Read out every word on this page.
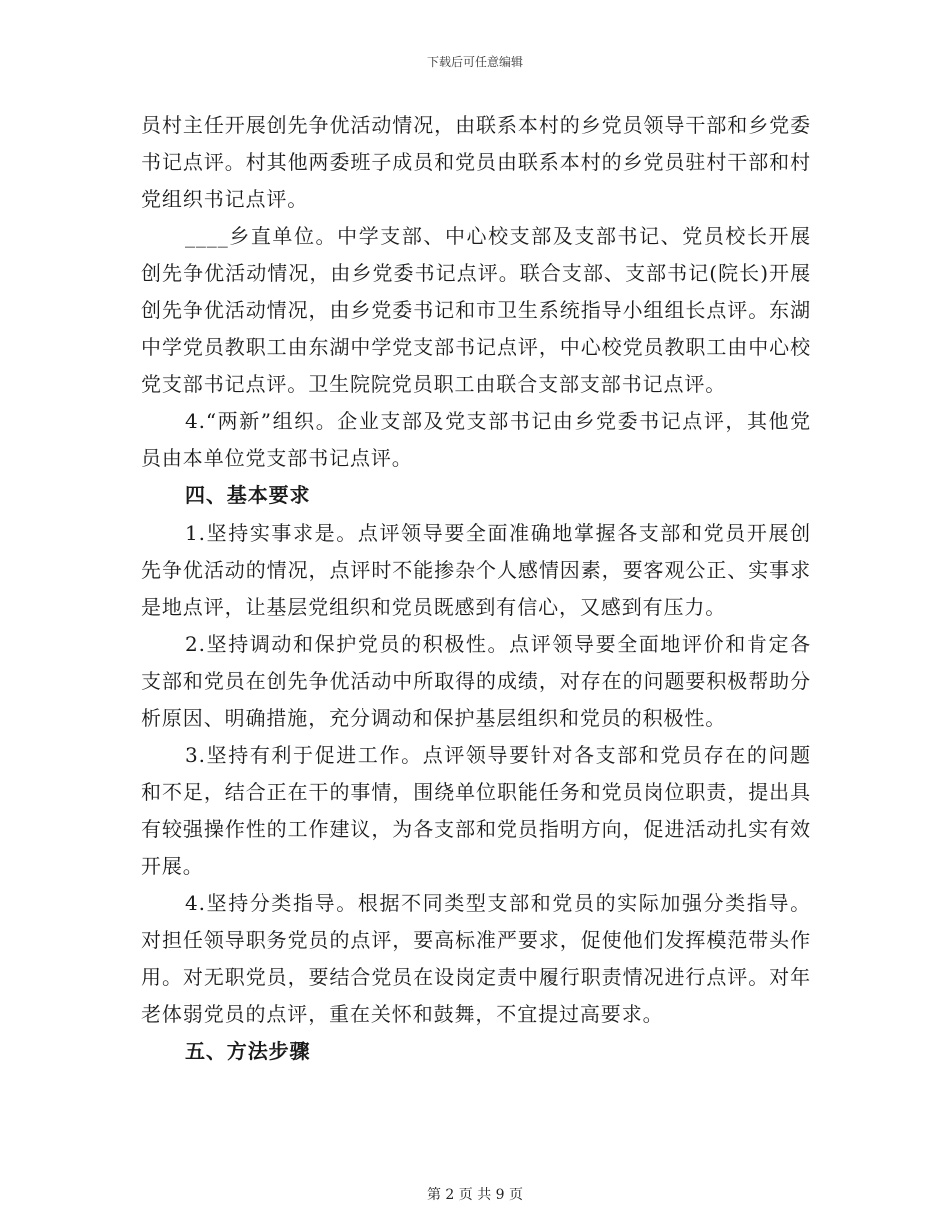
下载后可任意编辑

员村主任开展创先争优活动情况，由联系本村的乡党员领导干部和乡党委书记点评。村其他两委班子成员和党员由联系本村的乡党员驻村干部和村党组织书记点评。

____乡直单位。中学支部、中心校支部及支部书记、党员校长开展创先争优活动情况，由乡党委书记点评。联合支部、支部书记(院长)开展创先争优活动情况，由乡党委书记和市卫生系统指导小组组长点评。东湖中学党员教职工由东湖中学党支部书记点评，中心校党员教职工由中心校党支部书记点评。卫生院院党员职工由联合支部支部书记点评。

4.“两新”组织。企业支部及党支部书记由乡党委书记点评，其他党员由本单位党支部书记点评。

四、基本要求

1.坚持实事求是。点评领导要全面准确地掌握各支部和党员开展创先争优活动的情况，点评时不能掺杂个人感情因素，要客观公正、实事求是地点评，让基层党组织和党员既感到有信心，又感到有压力。

2.坚持调动和保护党员的积极性。点评领导要全面地评价和肯定各支部和党员在创先争优活动中所取得的成绩，对存在的问题要积极帮助分析原因、明确措施，充分调动和保护基层组织和党员的积极性。

3.坚持有利于促进工作。点评领导要针对各支部和党员存在的问题和不足，结合正在干的事情，围绕单位职能任务和党员岗位职责，提出具有较强操作性的工作建议，为各支部和党员指明方向，促进活动扎实有效开展。

4.坚持分类指导。根据不同类型支部和党员的实际加强分类指导。对担任领导职务党员的点评，要高标准严要求，促使他们发挥模范带头作用。对无职党员，要结合党员在设岗定责中履行职责情况进行点评。对年老体弱党员的点评，重在关怀和鼓舞，不宜提过高要求。

五、方法步骤

第 2 页 共 9 页
